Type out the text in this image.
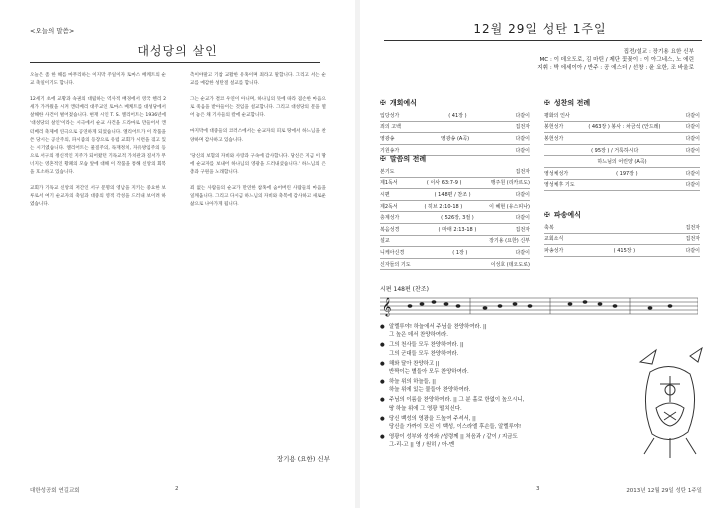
<오늘의 말씀>
대성당의 살인

오늘은 좀 한 해를 마무리하는 이지막 주일이자 토마스 베케트의 순교 축일이기도 합니다.

12세기 초에 교황과 속권의 대립하는 역사적 배경에서 영국 헨리 2세가 가까웠을 시켜 캔터베리 대주교인 토마스 베케트를 대성당에서 살해한 사건이 벌어졌습니다. 현재 시인 T. S. 엘리어트는 1936년에 '대성당의 살인'이라는 시극에서 순교 사건을 드라마로 만들어서 캔터베리 축제에 연극으로 공연하게 되었습니다. 엘리어트가 이 작품을 쓴 당시는 공산주의, 파시즘의 등장으로 유럽 교회가 시련을 겪고 있는 시기였습니다. 엘리어트는 물질주의, 독재정치, 자유방임주의 등으로 서구의 정신적인 지주가 되어왔던 기독교적 가치관과 질서가 무너지는 영혼적인 황폐의 모습 앞에 대해 이 작품을 통해 신앙의 회복을 호소하고 있습니다.

교회가 기독교 신앙의 저간인 서구 문명의 영남을 지키는 중요한 보루로서 여기 순교자의 축일과 대중의 영적 각성을 드러내 보이려 하였습니다.

측이야말고 기참 교활한 유혹이며 죄라고 말합니다. 그리고 서는 순교를 예감한 성탄절 설교를 합니다.

그는 순교가 결코 우연이 아니며, 하나님의 뜻에 따라 겸손한 마음으로 죽음을 받아들이는 것임을 설교합니다. 그리고 대성당의 문을 열어 놓은 채 기사들의 칼에 순교합니다.

마지막에 대중들의 코러스에서는 순교자의 피로 땅에서 하느님을 찬양하며 감사하고 있습니다.

'당신의 보혈의 자비와 사랑과 구속에 감사합니다. 당신은 지금 이 땅에 순교자를 보내어 하나님의 영광을 드러내셨습니다.' 하느님의 은총과 구원을 노래합니다.

죄 없는 사람들의 순교가 만연한 참혹에 숨어버린 사람들의 마음을 일깨웁니다. 그리고 다시금 하느님의 자비와 축복에 감사하고 새로운 삶으로 나아가게 됩니다.

장기용 (요한) 신부
대한성공회 연길교회	2
12월 29일 성탄 1주일
집전/설교 : 장기용 요한 신부
MC : 이 데오도로, 김 마틴 / 제단 꽃꽂이 : 이 아그네스, 노 에린
지휘 : 박 에세이아 / 반주 : 공 에스더 / 선창 : 윤 요한, 조 바울로
✠ 개회예식
입당성가	( 41장 )	다같이
죄의 고백	집전자
영광송	영광송 (A곡)	다같이
기원송가	다같이
✠ 말씀의 전례
본기도	집전자
제1독서	( 이사 63:7-9 )	맹주원 (리카르도)
시편	( 148편 / 찬조 )	다같이
제2독서	( 히브 2:10-18 )	이 혜현 (유스띠나)
층계성가	( 526장, 3절 )	다같이
복음성경	( 마태 2:13-18 )	집전자
설교	장기용 (요한) 신부
니케아신경	( 1장 )	다같이
신자들의 기도	이성호 (데오도로)
✠ 성찬의 전례
평화의 인사	다같이
봉헌성가	( 463장 ) 봉사 : 차금석 (안드레)	다같이
봉헌성가	다같이
( 95장 ) / 거룩하시다	다같이
하느님의 어린양 (A곡)
영성체성가	( 197장 )	다같이
영성체후 기도	다같이
✠ 파송예식
축복	집전자
교회소식	집전자
파송성가	( 415장 )	다같이
시편 148편 (찬조)
𝄞
● 알렐루야! 하늘에서 주님을 찬양하여라. ||
그 높은 데서 찬양하여라.
● 그의 천사들 모두 찬양하여라. ||
그의 군대들 모두 찬양하여라.
● 해와 달아 찬양하고 ||
반짝이는 별들아 모두 찬양하여라.
● 하늘 위의 하늘들, ||
하늘 위에 있는 물들아 찬양하여라.
● 주님의 이름을 찬양하여라. || 그 분 홀로 한없이 높으시니,
땅 하늘 위에 그 영광 떨치신다.
● 당신 백성의 영광을 드높여 주셔서, ||
당신을 가까이 모신 이 백성, 이스라엘 후손들, 알렐루야!
● 영광이 성부와 성자와 /성령께 || 처음과 / 같이 / 지금도
그-리-고 || 영 / 원히 / 아-멘
3	2013년 12월 29일 성탄 1주일
